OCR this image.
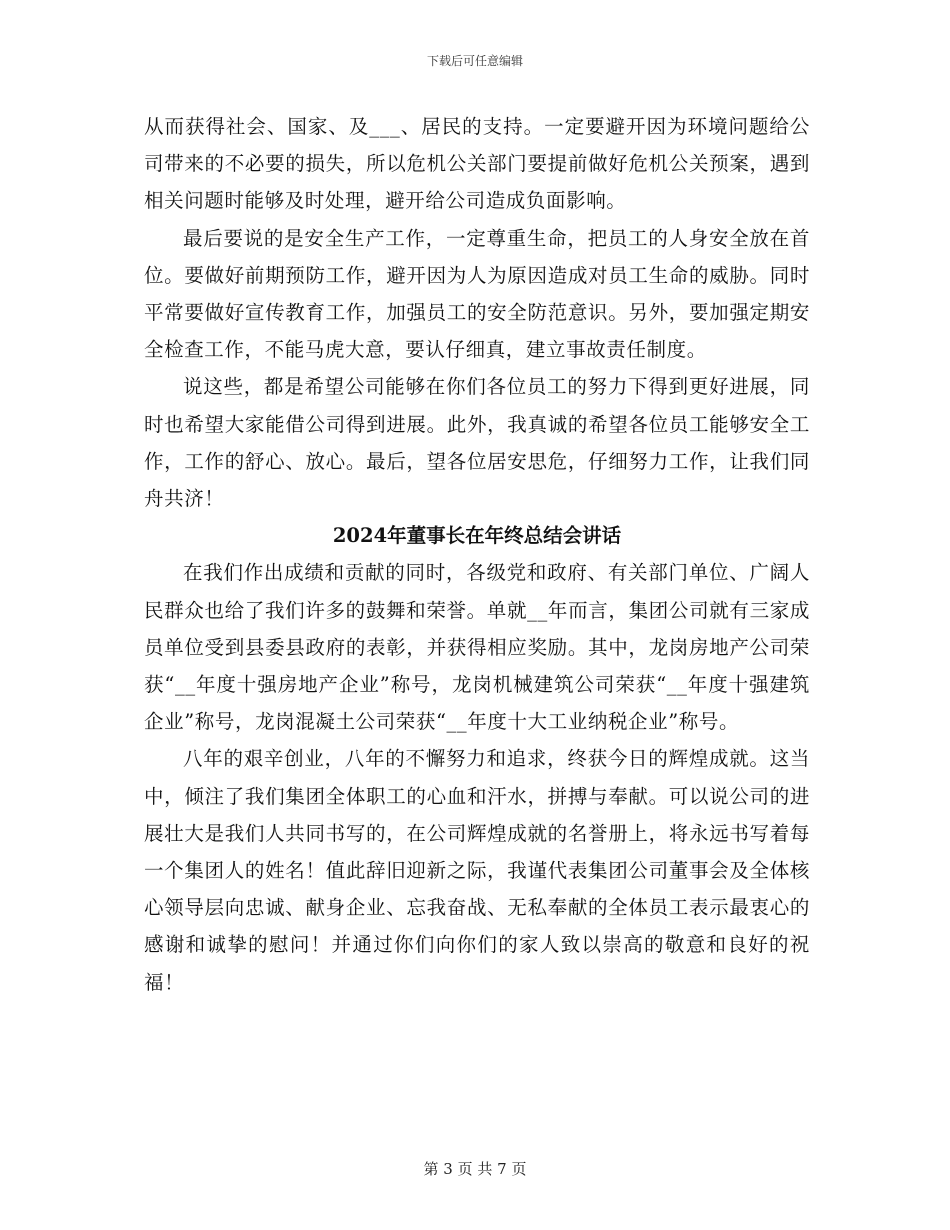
下载后可任意编辑

从而获得社会、国家、及___、居民的支持。一定要避开因为环境问题给公司带来的不必要的损失，所以危机公关部门要提前做好危机公关预案，遇到相关问题时能够及时处理，避开给公司造成负面影响。

最后要说的是安全生产工作，一定尊重生命，把员工的人身安全放在首位。要做好前期预防工作，避开因为人为原因造成对员工生命的威胁。同时平常要做好宣传教育工作，加强员工的安全防范意识。另外，要加强定期安全检查工作，不能马虎大意，要认仔细真，建立事故责任制度。

说这些，都是希望公司能够在你们各位员工的努力下得到更好进展，同时也希望大家能借公司得到进展。此外，我真诚的希望各位员工能够安全工作，工作的舒心、放心。最后，望各位居安思危，仔细努力工作，让我们同舟共济！

2024年董事长在年终总结会讲话

在我们作出成绩和贡献的同时，各级党和政府、有关部门单位、广阔人民群众也给了我们许多的鼓舞和荣誉。单就__年而言，集团公司就有三家成员单位受到县委县政府的表彰，并获得相应奖励。其中，龙岗房地产公司荣获“__年度十强房地产企业”称号，龙岗机械建筑公司荣获“__年度十强建筑企业”称号，龙岗混凝土公司荣获“__年度十大工业纳税企业”称号。

八年的艰辛创业，八年的不懈努力和追求，终获今日的辉煌成就。这当中，倾注了我们集团全体职工的心血和汗水，拼搏与奉献。可以说公司的进展壮大是我们人共同书写的，在公司辉煌成就的名誉册上，将永远书写着每一个集团人的姓名！值此辞旧迎新之际，我谨代表集团公司董事会及全体核心领导层向忠诚、献身企业、忘我奋战、无私奉献的全体员工表示最衷心的感谢和诚挚的慰问！并通过你们向你们的家人致以崇高的敬意和良好的祝福！

第 3 页 共 7 页
